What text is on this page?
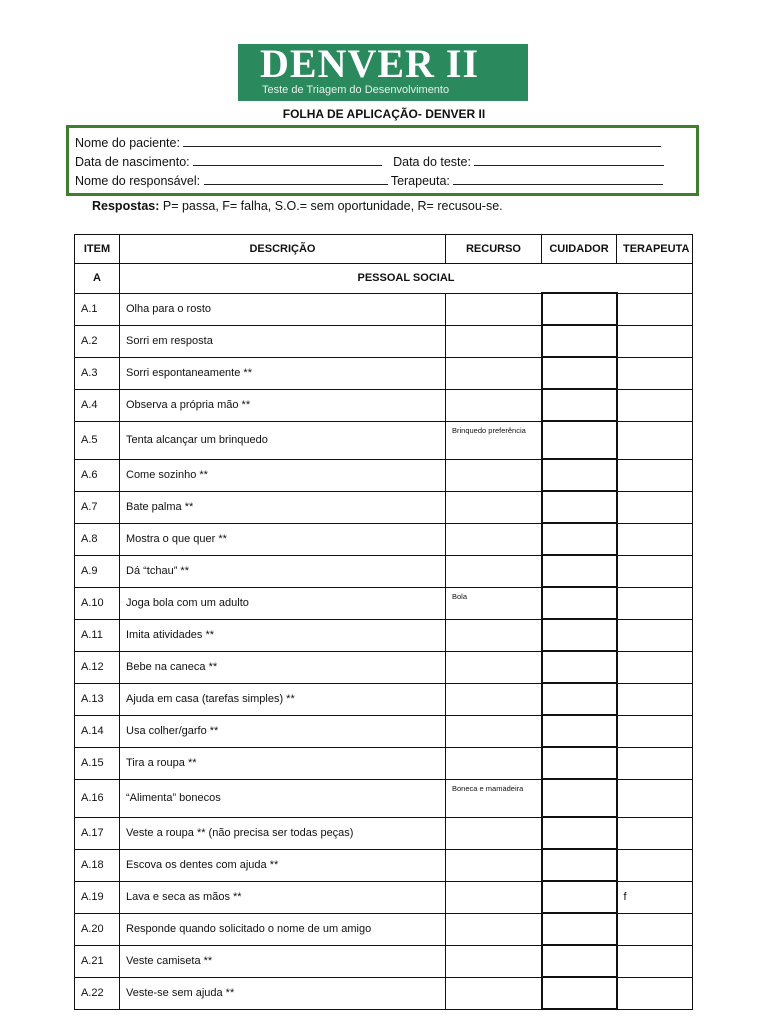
DENVER II
Teste de Triagem do Desenvolvimento
FOLHA DE APLICAÇÃO- DENVER II
Nome do paciente:
Data de nascimento:	Data do teste:
Nome do responsável:	Terapeuta:
Respostas: P= passa, F= falha, S.O.= sem oportunidade, R= recusou-se.
ITEM	DESCRIÇÃO	RECURSO	CUIDADOR	TERAPEUTA
A	PESSOAL SOCIAL			
A.1	Olha para o rosto			
A.2	Sorri em resposta			
A.3	Sorri espontaneamente **			
A.4	Observa a própria mão **			
A.5	Tenta alcançar um brinquedo	Brinquedo preferência		
A.6	Come sozinho **			
A.7	Bate palma **			
A.8	Mostra o que quer **			
A.9	Dá “tchau” **			
A.10	Joga bola com um adulto	Bola		
A.11	Imita atividades **			
A.12	Bebe na caneca **			
A.13	Ajuda em casa (tarefas simples) **			
A.14	Usa colher/garfo **			
A.15	Tira a roupa **			
A.16	“Alimenta” bonecos	Boneca e mamadeira		
A.17	Veste a roupa ** (não precisa ser todas peças)			
A.18	Escova os dentes com ajuda **			
A.19	Lava e seca as mãos **			f
A.20	Responde quando solicitado o nome de um amigo			
A.21	Veste camiseta **			
A.22	Veste-se sem ajuda **			
